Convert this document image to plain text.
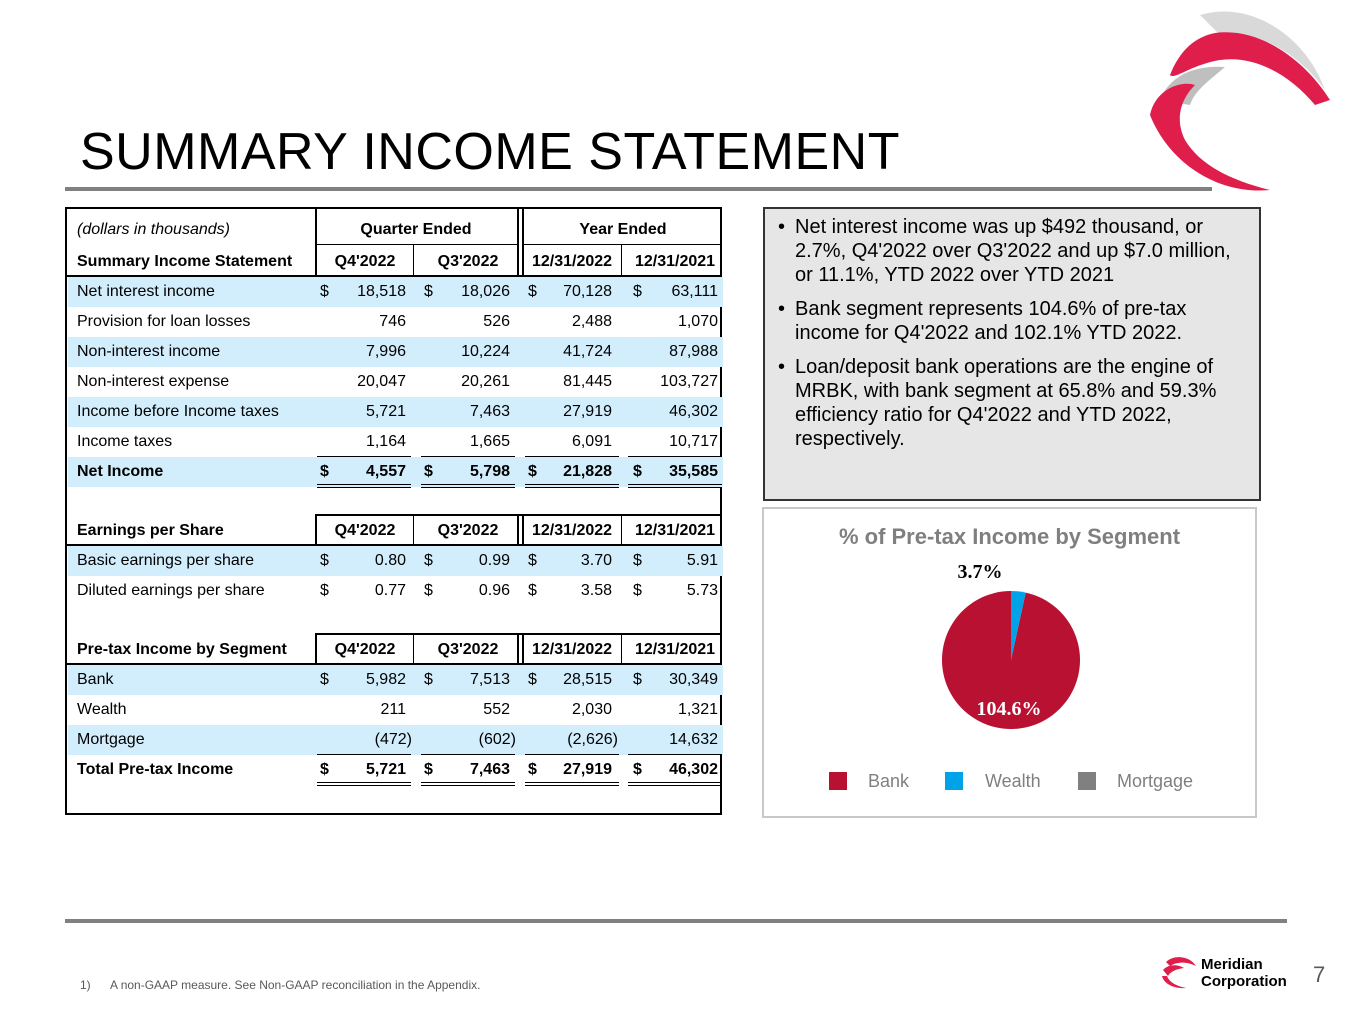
SUMMARY INCOME STATEMENT
(dollars in thousands)	Quarter Ended	Year Ended
Summary Income Statement	Q4'2022	Q3'2022	12/31/2022	12/31/2021
Net interest income	$	18,518 $	18,026 $	70,128 $	63,111
Provision for loan losses	746	526	2,488	1,070
Non-interest income	7,996	10,224	41,724	87,988
Non-interest expense	20,047	20,261	81,445	103,727
Income before Income taxes	5,721	7,463	27,919	46,302
Income taxes	1,164	1,665	6,091	10,717
Net Income	$	4,557 $	5,798 $	21,828 $	35,585
Earnings per Share	Q4'2022	Q3'2022	12/31/2022	12/31/2021
Basic earnings per share	$	0.80 $	0.99 $	3.70 $	5.91
Diluted earnings per share	$	0.77 $	0.96 $	3.58 $	5.73
Pre-tax Income by Segment	Q4'2022	Q3'2022	12/31/2022	12/31/2021
Bank	$	5,982 $	7,513 $	28,515 $	30,349
Wealth	211	552	2,030	1,321
Mortgage	(472)	(602)	(2,626)	14,632
Total Pre-tax Income	$	5,721 $	7,463 $	27,919 $	46,302
• Net interest income was up $492 thousand, or 2.7%, Q4'2022 over Q3'2022 and up $7.0 million, or 11.1%, YTD 2022 over YTD 2021
• Bank segment represents 104.6% of pre-tax income for Q4'2022 and 102.1% YTD 2022.
• Loan/deposit bank operations are the engine of MRBK, with bank segment at 65.8% and 59.3% efficiency ratio for Q4'2022 and YTD 2022, respectively.
% of Pre-tax Income by Segment
104.6%
3.7%
Bank	Wealth	Mortgage
1)      A non-GAAP measure. See Non-GAAP reconciliation in the Appendix.
Meridian
Corporation 7
